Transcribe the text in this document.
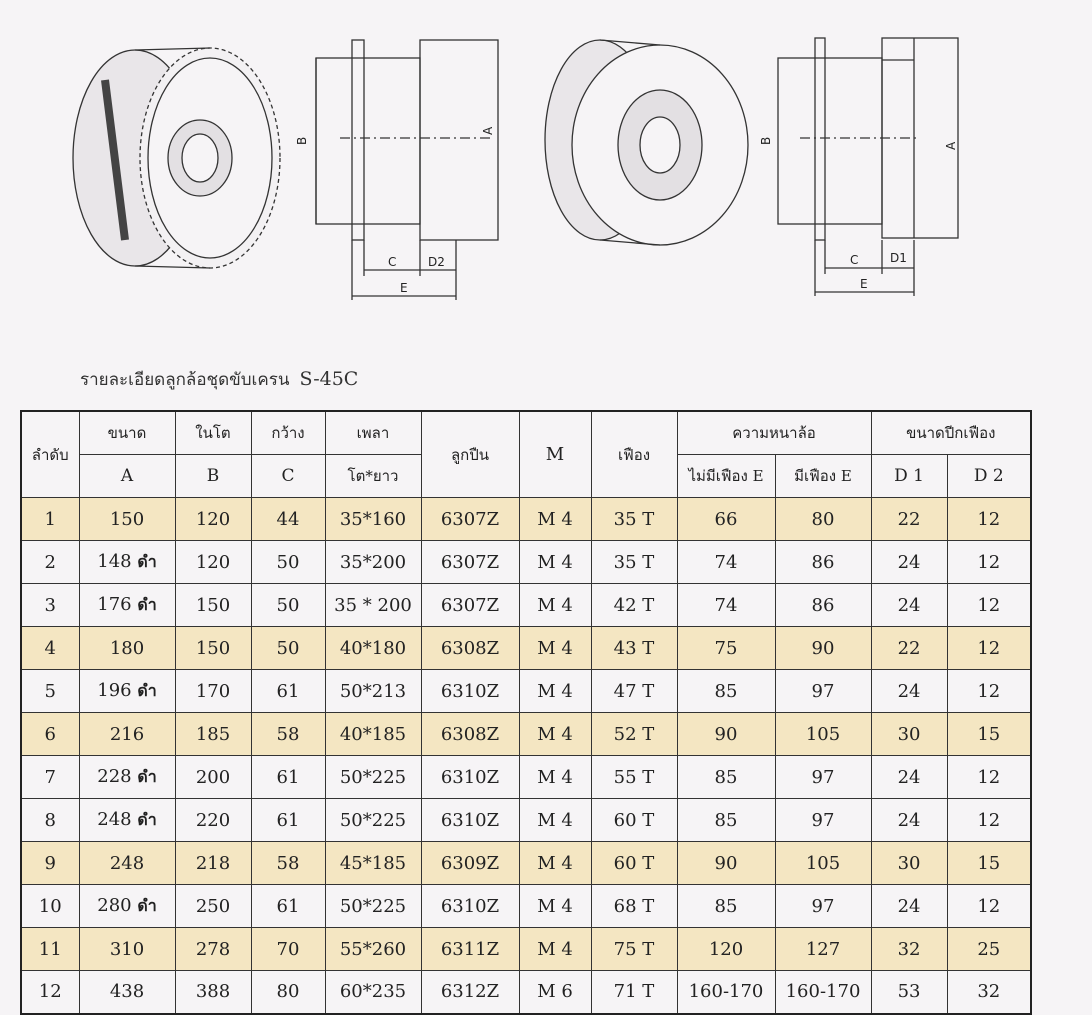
B
A
C	D2
E
B
A
C	D1
E
รายละเอียดลูกล้อชุดขับเครน S-45C
ลำดับ	ขนาด	ในโต	กว้าง	เพลา	ลูกปืน	M	เฟือง	ความหนาล้อ		ขนาดปีกเฟือง	
	A	B	C	โต*ยาว				ไม่มีเฟือง E	มีเฟือง E	D 1	D 2
1	150	120	44	35*160	6307Z	M 4	35 T	66	80	22	12
2	148 ดำ	120	50	35*200	6307Z	M 4	35 T	74	86	24	12
3	176 ดำ	150	50	35 * 200	6307Z	M 4	42 T	74	86	24	12
4	180	150	50	40*180	6308Z	M 4	43 T	75	90	22	12
5	196 ดำ	170	61	50*213	6310Z	M 4	47 T	85	97	24	12
6	216	185	58	40*185	6308Z	M 4	52 T	90	105	30	15
7	228 ดำ	200	61	50*225	6310Z	M 4	55 T	85	97	24	12
8	248 ดำ	220	61	50*225	6310Z	M 4	60 T	85	97	24	12
9	248	218	58	45*185	6309Z	M 4	60 T	90	105	30	15
10	280 ดำ	250	61	50*225	6310Z	M 4	68 T	85	97	24	12
11	310	278	70	55*260	6311Z	M 4	75 T	120	127	32	25
12	438	388	80	60*235	6312Z	M 6	71 T	160-170	160-170	53	32
